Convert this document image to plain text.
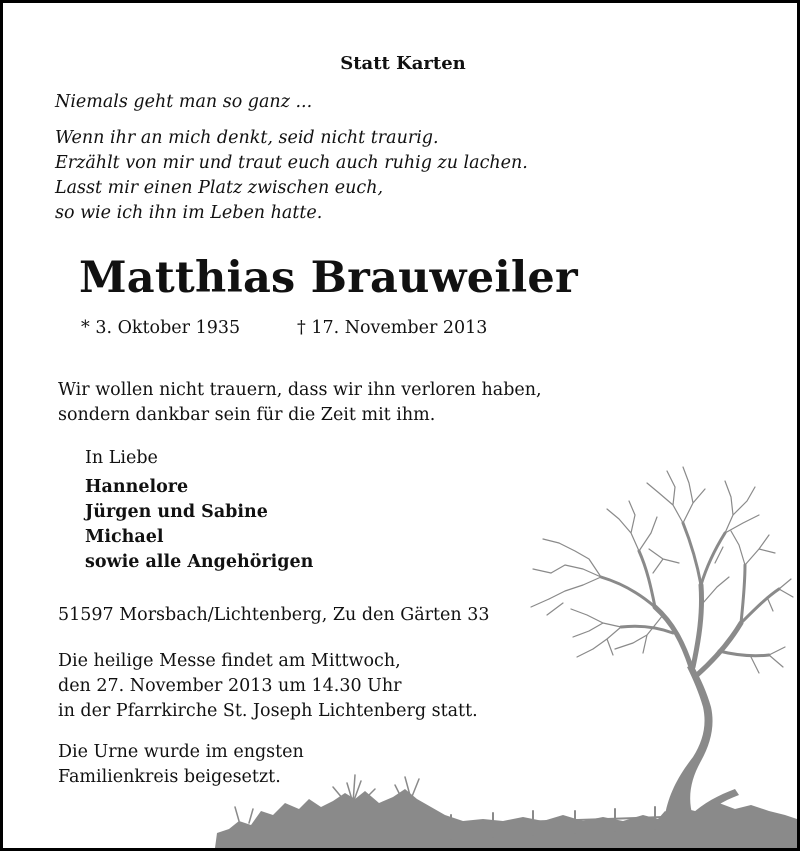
Statt Karten
Niemals geht man so ganz ...
Wenn ihr an mich denkt, seid nicht traurig.
Erzählt von mir und traut euch auch ruhig zu lachen.
Lasst mir einen Platz zwischen euch,
so wie ich ihn im Leben hatte.
Matthias Brauweiler
* 3. Oktober 1935	† 17. November 2013
Wir wollen nicht trauern, dass wir ihn verloren haben,
sondern dankbar sein für die Zeit mit ihm.
In Liebe
Hannelore
Jürgen und Sabine
Michael
sowie alle Angehörigen
51597 Morsbach/Lichtenberg, Zu den Gärten 33
Die heilige Messe findet am Mittwoch,
den 27. November 2013 um 14.30 Uhr
in der Pfarrkirche St. Joseph Lichtenberg statt.
Die Urne wurde im engsten
Familienkreis beigesetzt.
